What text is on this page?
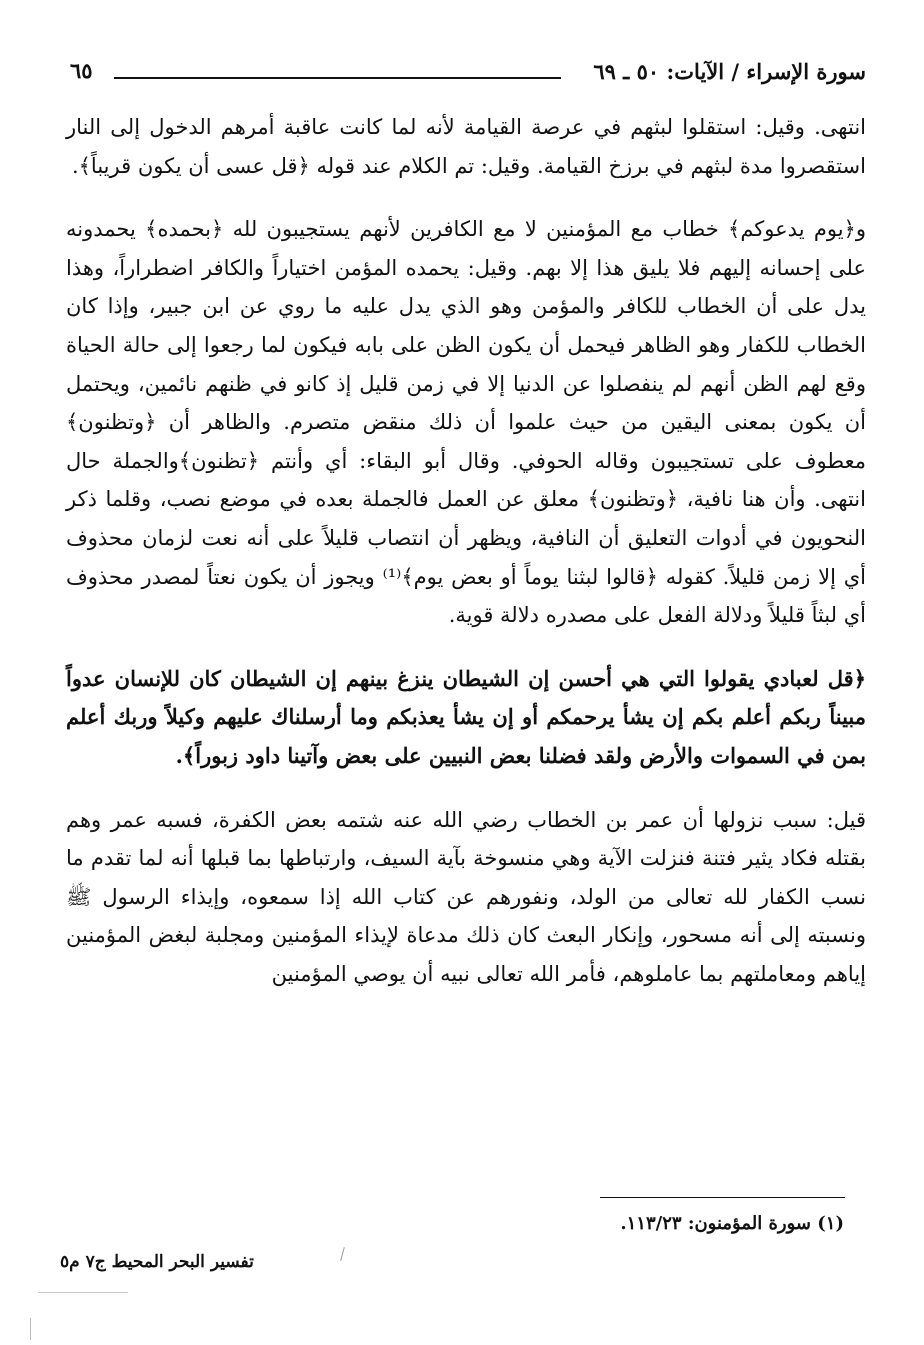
سورة الإسراء / الآيات: ٥٠ ـ ٦٩
٦٥

انتهى. وقيل: استقلوا لبثهم في عرصة القيامة لأنه لما كانت عاقبة أمرهم الدخول إلى النار استقصروا مدة لبثهم في برزخ القيامة. وقيل: تم الكلام عند قوله ﴿قل عسى أن يكون قريباً﴾.

و﴿يوم يدعوكم﴾ خطاب مع المؤمنين لا مع الكافرين لأنهم يستجيبون لله ﴿بحمده﴾ يحمدونه على إحسانه إليهم فلا يليق هذا إلا بهم. وقيل: يحمده المؤمن اختياراً والكافر اضطراراً، وهذا يدل على أن الخطاب للكافر والمؤمن وهو الذي يدل عليه ما روي عن ابن جبير، وإذا كان الخطاب للكفار وهو الظاهر فيحمل أن يكون الظن على بابه فيكون لما رجعوا إلى حالة الحياة وقع لهم الظن أنهم لم ينفصلوا عن الدنيا إلا في زمن قليل إذ كانو في ظنهم نائمين، ويحتمل أن يكون بمعنى اليقين من حيث علموا أن ذلك منقض متصرم. والظاهر أن ﴿وتظنون﴾ معطوف على تستجيبون وقاله الحوفي. وقال أبو البقاء: أي وأنتم ﴿تظنون﴾والجملة حال انتهى. وأن هنا نافية، ﴿وتظنون﴾ معلق عن العمل فالجملة بعده في موضع نصب، وقلما ذكر النحويون في أدوات التعليق أن النافية، ويظهر أن انتصاب قليلاً على أنه نعت لزمان محذوف أي إلا زمن قليلاً. كقوله ﴿قالوا لبثنا يوماً أو بعض يوم﴾⁽¹⁾ ويجوز أن يكون نعتاً لمصدر محذوف أي لبثاً قليلاً ودلالة الفعل على مصدره دلالة قوية.

﴿قل لعبادي يقولوا التي هي أحسن إن الشيطان ينزغ بينهم إن الشيطان كان للإنسان عدواً مبيناً ربكم أعلم بكم إن يشأ يرحمكم أو إن يشأ يعذبكم وما أرسلناك عليهم وكيلاً وربك أعلم بمن في السموات والأرض ولقد فضلنا بعض النبيين على بعض وآتينا داود زبوراً﴾.

قيل: سبب نزولها أن عمر بن الخطاب رضي الله عنه شتمه بعض الكفرة، فسبه عمر وهم بقتله فكاد يثير فتنة فنزلت الآية وهي منسوخة بآية السيف، وارتباطها بما قبلها أنه لما تقدم ما نسب الكفار لله تعالى من الولد، ونفورهم عن كتاب الله إذا سمعوه، وإيذاء الرسول ﷺ ونسبته إلى أنه مسحور، وإنكار البعث كان ذلك مدعاة لإيذاء المؤمنين ومجلبة لبغض المؤمنين إياهم ومعاملتهم بما عاملوهم، فأمر الله تعالى نبيه أن يوصي المؤمنين

(١) سورة المؤمنون: ١١٣/٢٣.
تفسير البحر المحيط ج٧ م٥
